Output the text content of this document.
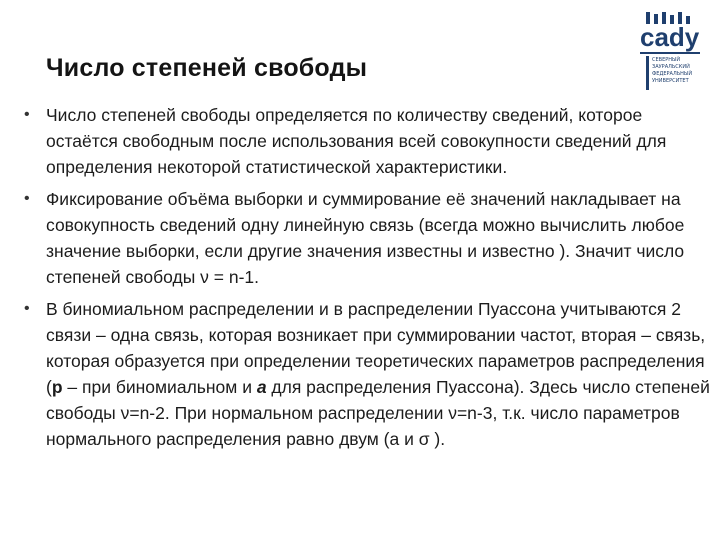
Число степеней свободы
cady
СЕВЕРНЫЙ
ЗАУРАЛЬСКИЙ
ФЕДЕРАЛЬНЫЙ
УНИВЕРСИТЕТ
• Число степеней свободы определяется по количеству сведений, которое остаётся свободным после использования всей совокупности сведений для определения некоторой статистической характеристики.
• Фиксирование объёма выборки и суммирование её значений накладывает на совокупность сведений одну линейную связь (всегда можно вычислить любое значение выборки, если другие значения известны и известно ). Значит число степеней свободы ν = n-1.
• В биномиальном распределении и в распределении Пуассона учитываются 2 связи – одна связь, которая возникает при суммировании частот, вторая – связь, которая образуется при определении теоретических параметров распределения (p – при биномиальном и a для распределения Пуассона). Здесь число степеней свободы ν=n-2. При нормальном распределении ν=n-3, т.к. число параметров нормального распределения равно двум (a и σ ).
